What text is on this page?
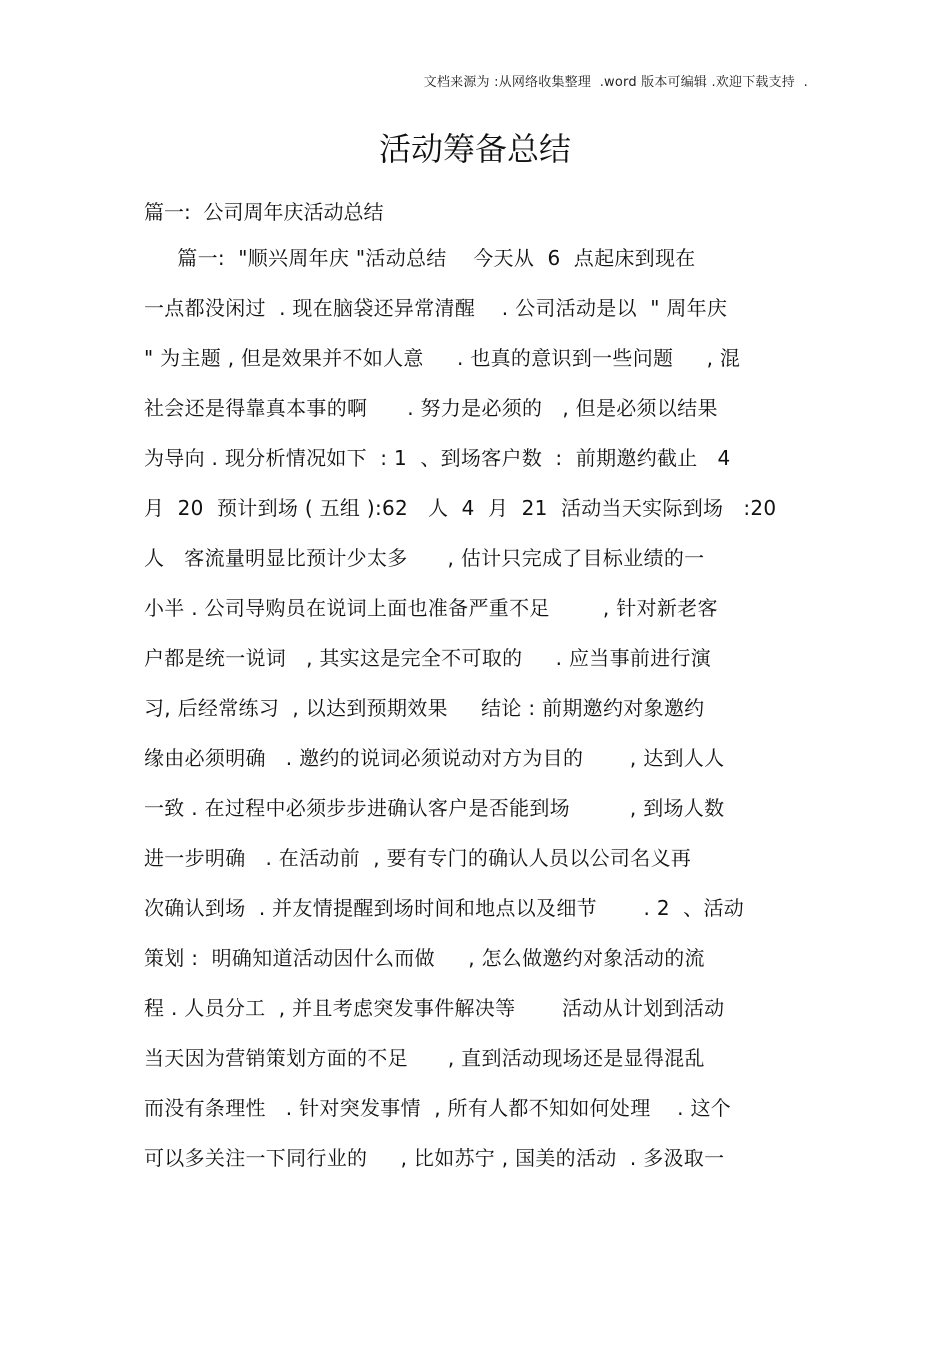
文档来源为 :从网络收集整理  .word 版本可编辑 .欢迎下载支持  .
活动筹备总结
篇一:  公司周年庆活动总结
篇一:  "顺兴周年庆 "活动总结    今天从  6  点起床到现在
一点都没闲过  . 现在脑袋还异常清醒    . 公司活动是以  " 周年庆
" 为主题 , 但是效果并不如人意     . 也真的意识到一些问题     , 混
社会还是得靠真本事的啊      . 努力是必须的   , 但是必须以结果
为导向 . 现分析情况如下  : 1  、到场客户数  :  前期邀约截止   4
月  20  预计到场 ( 五组 ):62   人  4  月  21  活动当天实际到场   :20
人   客流量明显比预计少太多      , 估计只完成了目标业绩的一
小半 . 公司导购员在说词上面也准备严重不足        , 针对新老客
户都是统一说词   , 其实这是完全不可取的     . 应当事前进行演
习, 后经常练习  , 以达到预期效果     结论 : 前期邀约对象邀约
缘由必须明确   . 邀约的说词必须说动对方为目的       , 达到人人
一致 . 在过程中必须步步进确认客户是否能到场         , 到场人数
进一步明确   . 在活动前  , 要有专门的确认人员以公司名义再
次确认到场  . 并友情提醒到场时间和地点以及细节       . 2  、活动
策划 :  明确知道活动因什么而做     , 怎么做邀约对象活动的流
程 . 人员分工  , 并且考虑突发事件解决等       活动从计划到活动
当天因为营销策划方面的不足      , 直到活动现场还是显得混乱
而没有条理性   . 针对突发事情  , 所有人都不知如何处理    . 这个
可以多关注一下同行业的     , 比如苏宁 , 国美的活动  . 多汲取一
